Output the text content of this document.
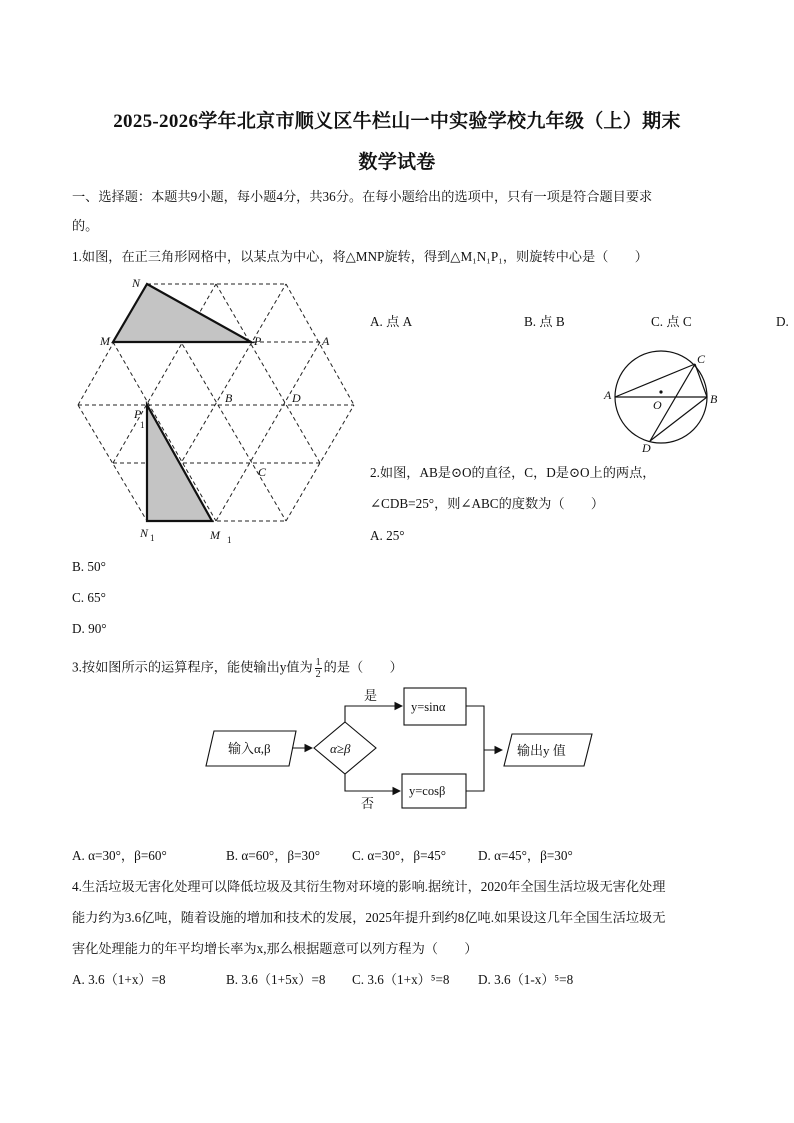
2025-2026学年北京市顺义区牛栏山一中实验学校九年级（上）期末
数学试卷
一、选择题：本题共9小题，每小题4分，共36分。在每小题给出的选项中，只有一项是符合题目要求
的。
1.如图，在正三角形网格中，以某点为中心，将△MNP旋转，得到△M₁N₁P₁，则旋转中心是（　　）
N
M	P	A
B	D
C
P
N	M
1
1	1
A. 点 A	B. 点 B	C. 点 C	D.
A	B
C
D
O
2.如图，AB是⊙O的直径，C，D是⊙O上的两点，
∠CDB=25°，则∠ABC的度数为（　　）
A. 25°
B. 50°
C. 65°
D. 90°
3.按如图所示的运算程序，能使输出y值为 $\frac{1}{2}$ 的是（　　）
输入α,β	α≥β
是
否
y=sinα
y=cosβ
输出y 值
A. α=30°，β=60°	B. α=60°，β=30° C. α=30°，β=45° D. α=45°，β=30°
4.生活垃圾无害化处理可以降低垃圾及其衍生物对环境的影响.据统计，2020年全国生活垃圾无害化处理
能力约为3.6亿吨，随着设施的增加和技术的发展，2025年提升到约8亿吨.如果设这几年全国生活垃圾无
害化处理能力的年平均增长率为x,那么根据题意可以列方程为（　　）
A. 3.6（1+x）=8	B. 3.6（1+5x）=8 C. 3.6（1+x）⁵=8 D. 3.6（1-x）⁵=8
